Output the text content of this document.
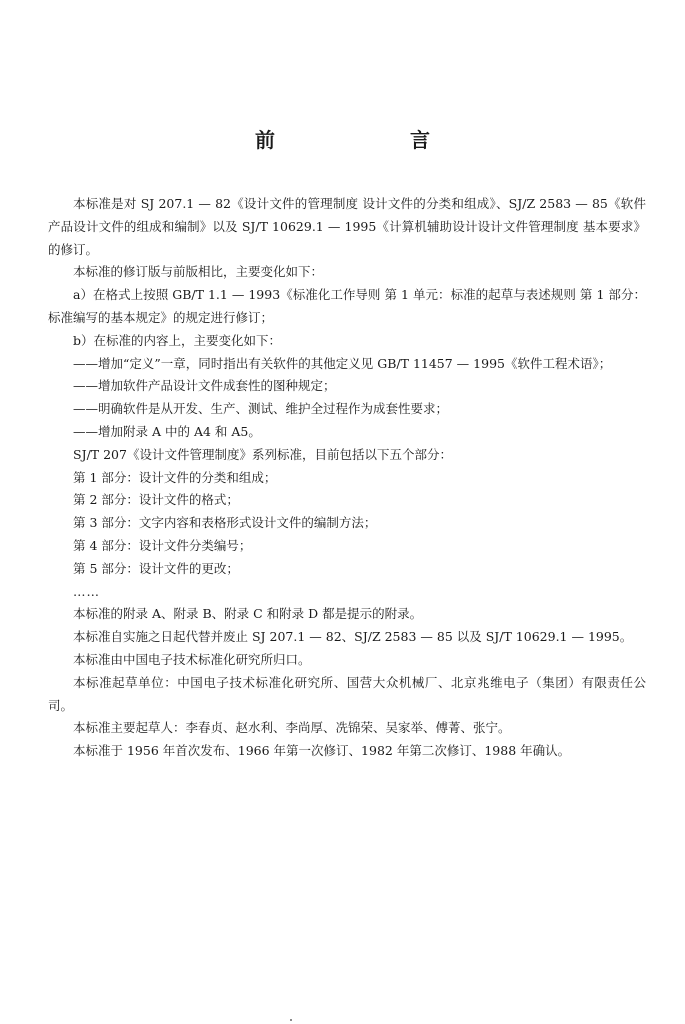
前 言

本标准是对 SJ 207.1 — 82《设计文件的管理制度 设计文件的分类和组成》、SJ/Z 2583 — 85《软件产品设计文件的组成和编制》以及 SJ/T 10629.1 — 1995《计算机辅助设计设计文件管理制度 基本要求》的修订。

本标准的修订版与前版相比，主要变化如下：

a）在格式上按照 GB/T 1.1 — 1993《标准化工作导则 第 1 单元：标准的起草与表述规则 第 1 部分：标准编写的基本规定》的规定进行修订；

b）在标准的内容上，主要变化如下：

——增加“定义”一章，同时指出有关软件的其他定义见 GB/T 11457 — 1995《软件工程术语》；

——增加软件产品设计文件成套性的图种规定；

——明确软件是从开发、生产、测试、维护全过程作为成套性要求；

——增加附录 A 中的 A4 和 A5。

SJ/T 207《设计文件管理制度》系列标准，目前包括以下五个部分：

第 1 部分：设计文件的分类和组成；

第 2 部分：设计文件的格式；

第 3 部分：文字内容和表格形式设计文件的编制方法；

第 4 部分：设计文件分类编号；

第 5 部分：设计文件的更改；

……

本标准的附录 A、附录 B、附录 C 和附录 D 都是提示的附录。

本标准自实施之日起代替并废止 SJ 207.1 — 82、SJ/Z 2583 — 85 以及 SJ/T 10629.1 — 1995。

本标准由中国电子技术标准化研究所归口。

本标准起草单位：中国电子技术标准化研究所、国营大众机械厂、北京兆维电子（集团）有限责任公司。

本标准主要起草人：李春贞、赵水利、李尚厚、冼锦荣、吴家举、傅菁、张宁。

本标准于 1956 年首次发布、1966 年第一次修订、1982 年第二次修订、1988 年确认。
